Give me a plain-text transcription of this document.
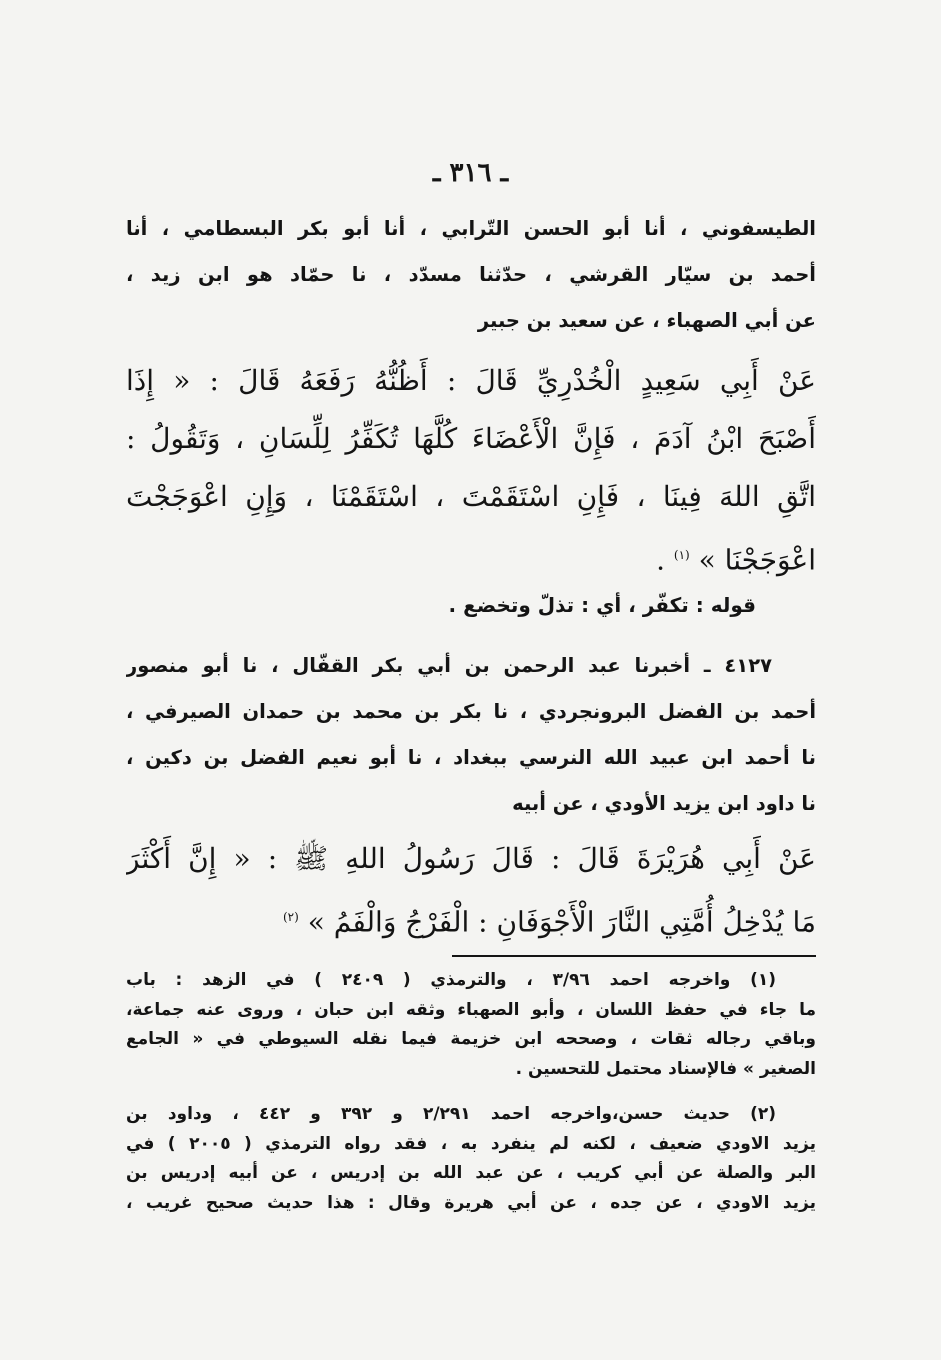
ـ ٣١٦ ـ
الطيسفوني ، أنا أبو الحسن التّرابي ، أنا أبو بكر البسطامي ، أنا
أحمد بن سيّار القرشي ، حدّثنا مسدّد ، نا حمّاد هو ابن زيد ،
عن أبي الصهباء ، عن سعيد بن جبير
عَنْ أَبِي سَعِيدٍ الْخُدْرِيِّ قَالَ : أَظُنُّهُ رَفَعَهُ قَالَ : « إِذَا
أَصْبَحَ ابْنُ آدَمَ ، فَإِنَّ الْأَعْضَاءَ كُلَّهَا تُكَفِّرُ لِلِّسَانِ ، وَتَقُولُ :
اتَّقِ اللهَ فِينَا ، فَإِنِ اسْتَقَمْتَ ، اسْتَقَمْنَا ، وَإِنِ اعْوَجَجْتَ
اعْوَجَجْنَا » $^{(١)}$ .
قوله : تكفّر ، أي : تذلّ وتخضع .
٤١٢٧ ـ أخبرنا عبد الرحمن بن أبي بكر القفّال ، نا أبو منصور
أحمد بن الفضل البرونجردي ، نا بكر بن محمد بن حمدان الصيرفي ،
نا أحمد ابن عبيد الله النرسي ببغداد ، نا أبو نعيم الفضل بن دكين ،
نا داود ابن يزيد الأودي ، عن أبيه
عَنْ أَبِي هُرَيْرَةَ قَالَ : قَالَ رَسُولُ اللهِ ﷺ : « إِنَّ أَكْثَرَ
مَا يُدْخِلُ أُمَّتِي النَّارَ الْأَجْوَفَانِ : الْفَرْجُ وَالْفَمُ » $^{(٢)}$
(١) واخرجه احمد ٣/٩٦ ، والترمذي ( ٢٤٠٩ ) في الزهد : باب
ما جاء في حفظ اللسان ، وأبو الصهباء وثقه ابن حبان ، وروى عنه جماعة،
وباقي رجاله ثقات ، وصححه ابن خزيمة فيما نقله السيوطي في « الجامع
الصغير » فالإسناد محتمل للتحسين .
(٢) حديث حسن،واخرجه احمد ٢/٢٩١ و ٣٩٢ و ٤٤٢ ، وداود بن
يزيد الاودي ضعيف ، لكنه لم ينفرد به ، فقد رواه الترمذي ( ٢٠٠٥ ) في
البر والصلة عن أبي كريب ، عن عبد الله بن إدريس ، عن أبيه إدريس بن
يزيد الاودي ، عن جده ، عن أبي هريرة وقال : هذا حديث صحيح غريب ،
